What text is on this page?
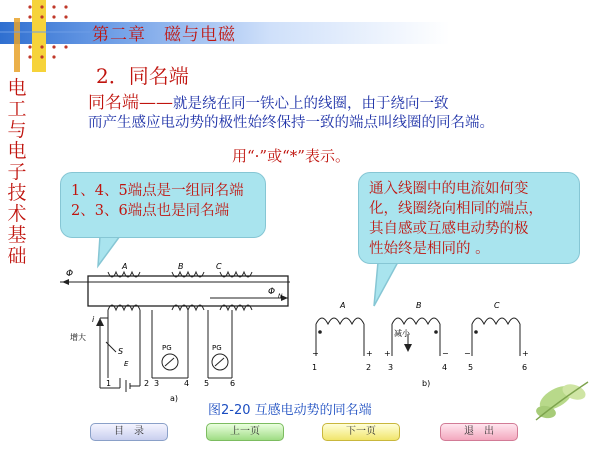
第二章　磁与电磁
电工与电子技术基础
2．同名端
同名端——就是绕在同一铁心上的线圈，由于绕向一致
而产生感应电动势的极性始终保持一致的端点叫线圈的同名端。
用“·”或“*”表示。
1、4、5端点是一组同名端
2、3、6端点也是同名端
通入线圈中的电流如何变
化，线圈绕向相同的端点，
其自感或互感电动势的极
性始终是相同的 。
A	B	C
Φ
Φ N
i
增大
S
E
PG	PG
1	2 3	4 5	6
a)
A	B	C
减小
−	+ +	− −	+
1	2 3	4	5	6
b)
图2-20 互感电动势的同名端
目　录	上一页	下一页	退　出
